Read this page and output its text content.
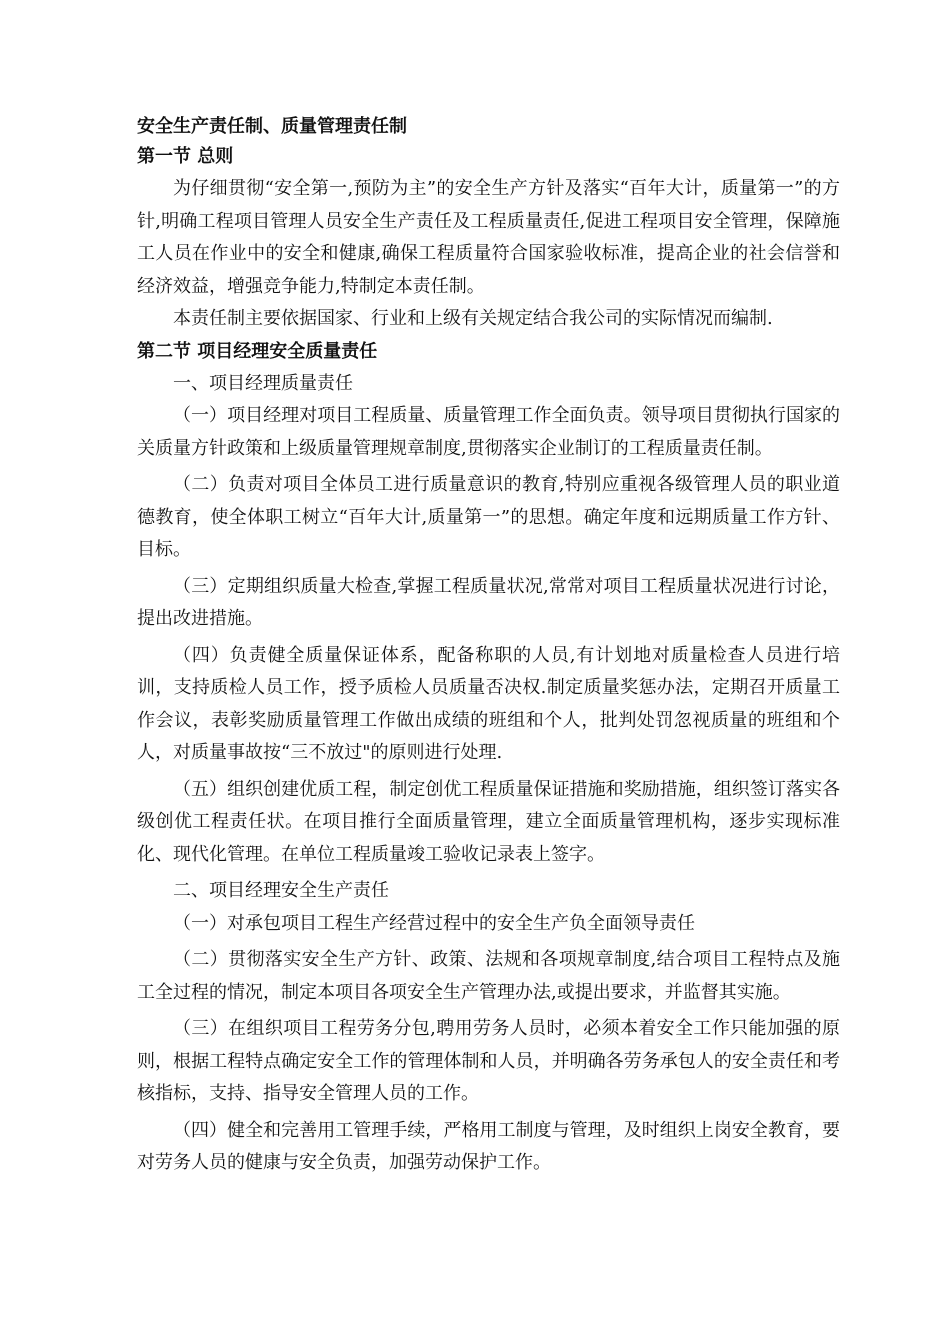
安全生产责任制、质量管理责任制

第一节 总则

为仔细贯彻“安全第一,预防为主”的安全生产方针及落实“百年大计，质量第一”的方针,明确工程项目管理人员安全生产责任及工程质量责任,促进工程项目安全管理，保障施工人员在作业中的安全和健康,确保工程质量符合国家验收标准，提高企业的社会信誉和经济效益，增强竞争能力,特制定本责任制。

本责任制主要依据国家、行业和上级有关规定结合我公司的实际情况而编制.

第二节 项目经理安全质量责任

一、项目经理质量责任

（一）项目经理对项目工程质量、质量管理工作全面负责。领导项目贯彻执行国家的关质量方针政策和上级质量管理规章制度,贯彻落实企业制订的工程质量责任制。

（二）负责对项目全体员工进行质量意识的教育,特别应重视各级管理人员的职业道德教育，使全体职工树立“百年大计,质量第一”的思想。确定年度和远期质量工作方针、目标。

（三）定期组织质量大检查,掌握工程质量状况,常常对项目工程质量状况进行讨论，提出改进措施。

（四）负责健全质量保证体系，配备称职的人员,有计划地对质量检查人员进行培训，支持质检人员工作，授予质检人员质量否决权.制定质量奖惩办法，定期召开质量工作会议，表彰奖励质量管理工作做出成绩的班组和个人，批判处罚忽视质量的班组和个人，对质量事故按“三不放过"的原则进行处理.

（五）组织创建优质工程，制定创优工程质量保证措施和奖励措施，组织签订落实各级创优工程责任状。在项目推行全面质量管理，建立全面质量管理机构，逐步实现标准化、现代化管理。在单位工程质量竣工验收记录表上签字。

二、项目经理安全生产责任

（一）对承包项目工程生产经营过程中的安全生产负全面领导责任

（二）贯彻落实安全生产方针、政策、法规和各项规章制度,结合项目工程特点及施工全过程的情况，制定本项目各项安全生产管理办法,或提出要求，并监督其实施。

（三）在组织项目工程劳务分包,聘用劳务人员时，必须本着安全工作只能加强的原则，根据工程特点确定安全工作的管理体制和人员，并明确各劳务承包人的安全责任和考核指标，支持、指导安全管理人员的工作。

（四）健全和完善用工管理手续，严格用工制度与管理，及时组织上岗安全教育，要对劳务人员的健康与安全负责，加强劳动保护工作。
